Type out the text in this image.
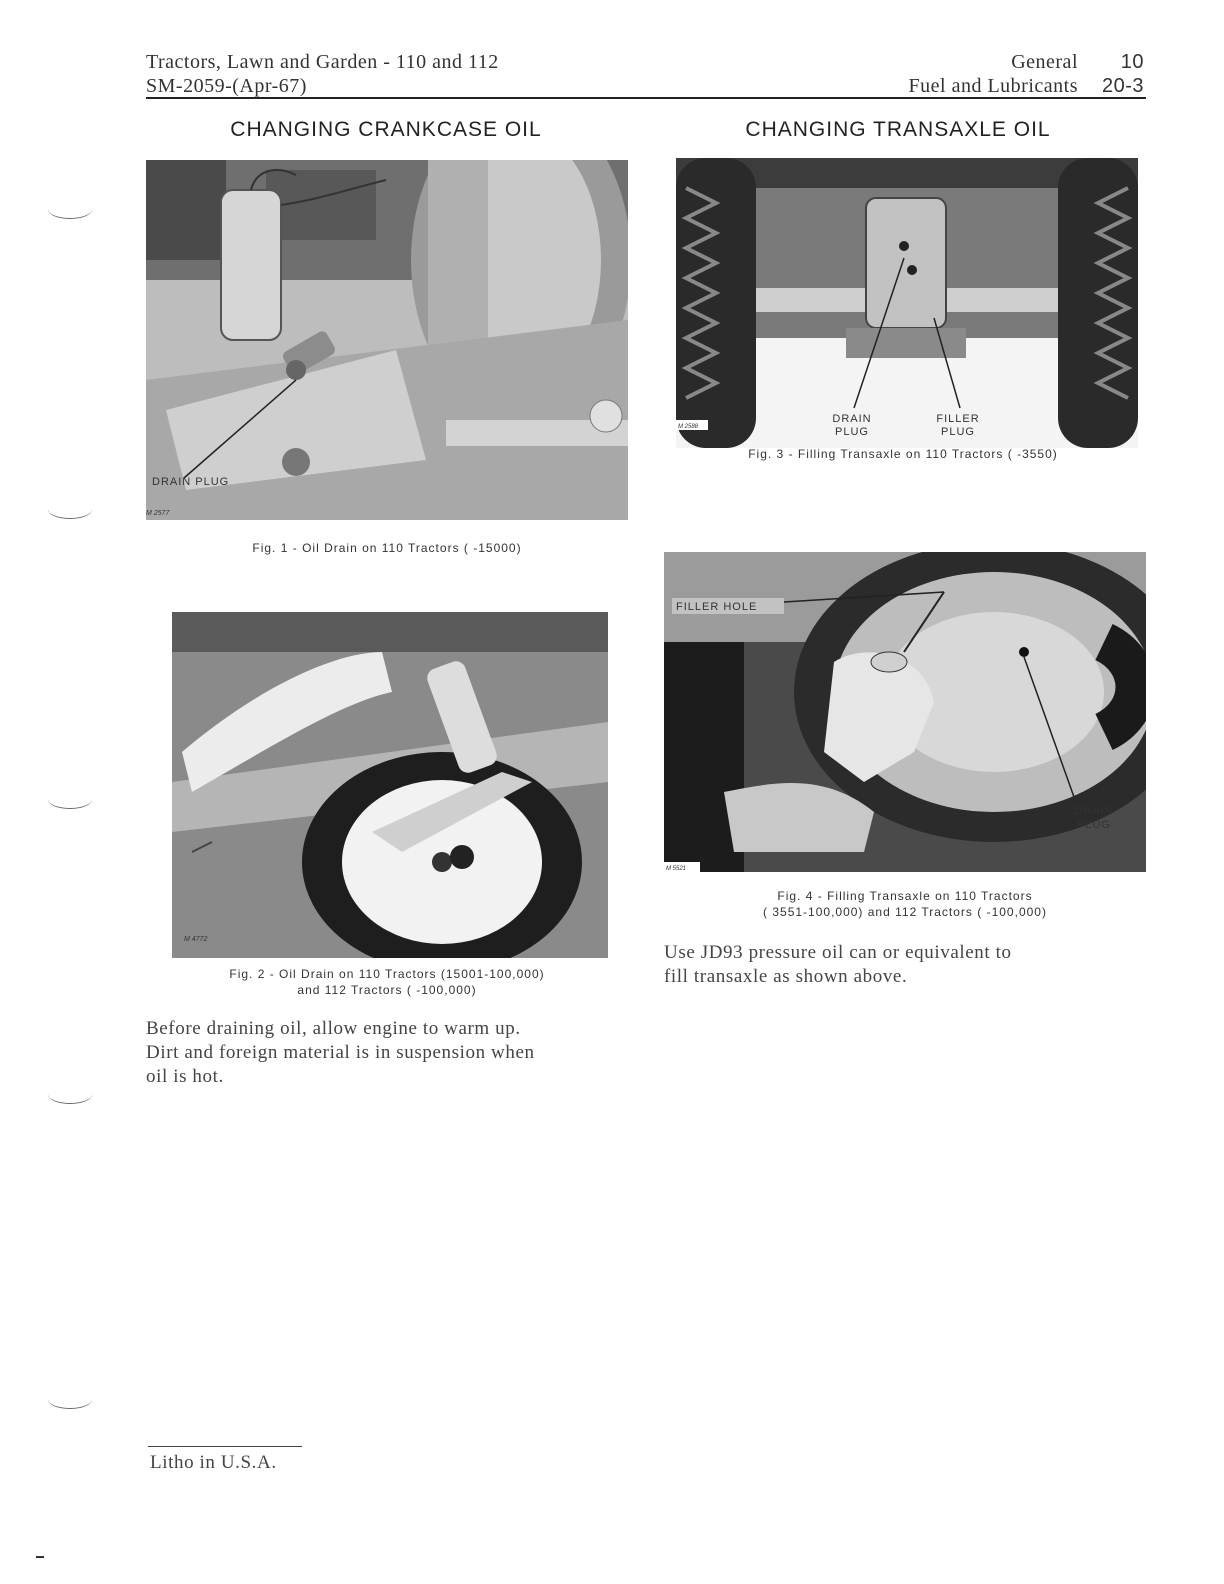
Tractors, Lawn and Garden - 110 and 112
SM-2059-(Apr-67)
General	10
Fuel and Lubricants	20-3
CHANGING CRANKCASE OIL	CHANGING TRANSAXLE OIL
DRAIN PLUG
M 2577
Fig. 1 - Oil Drain on 110 Tractors ( -15000)
M 4772
Fig. 2 - Oil Drain on 110 Tractors (15001-100,000)
and 112 Tractors ( -100,000)
Before draining oil, allow engine to warm up.
Dirt and foreign material is in suspension when
oil is hot.
DRAIN
PLUG
FILLER
PLUG
M 2588
Fig. 3 - Filling Transaxle on 110 Tractors ( -3550)
FILLER HOLE
DRAIN
PLUG
M 5521
Fig. 4 - Filling Transaxle on 110 Tractors
( 3551-100,000) and 112 Tractors ( -100,000)
Use JD93 pressure oil can or equivalent to
fill transaxle as shown above.
Litho in U.S.A.
